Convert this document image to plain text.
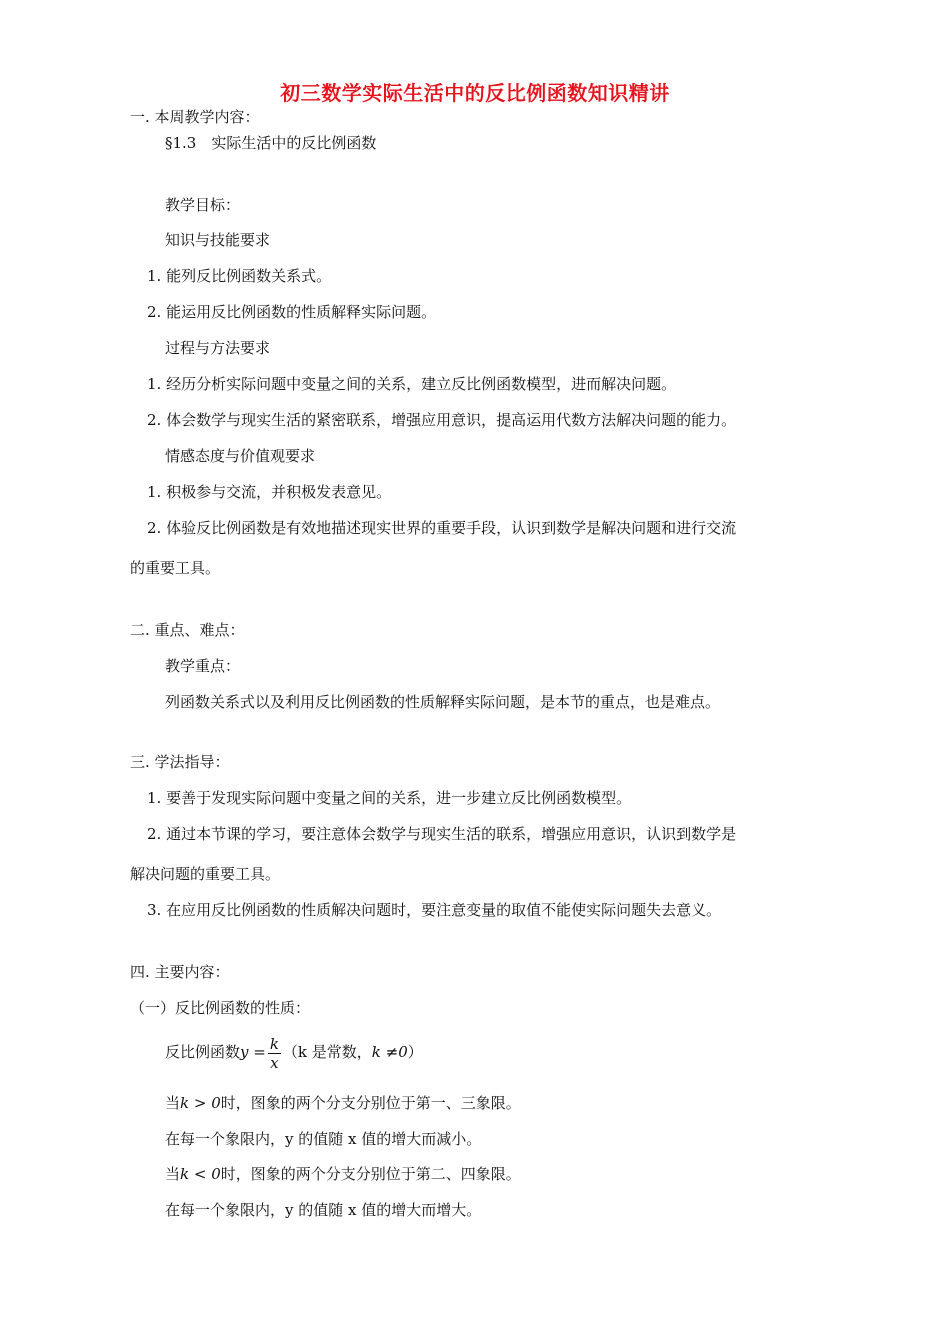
初三数学实际生活中的反比例函数知识精讲
一. 本周教学内容：
§1.3　实际生活中的反比例函数
教学目标：
知识与技能要求
1. 能列反比例函数关系式。
2. 能运用反比例函数的性质解释实际问题。
过程与方法要求
1. 经历分析实际问题中变量之间的关系，建立反比例函数模型，进而解决问题。
2. 体会数学与现实生活的紧密联系，增强应用意识，提高运用代数方法解决问题的能力。
情感态度与价值观要求
1. 积极参与交流，并积极发表意见。
2. 体验反比例函数是有效地描述现实世界的重要手段，认识到数学是解决问题和进行交流
的重要工具。
二. 重点、难点：
教学重点：
列函数关系式以及利用反比例函数的性质解释实际问题，是本节的重点，也是难点。
三. 学法指导：
1. 要善于发现实际问题中变量之间的关系，进一步建立反比例函数模型。
2. 通过本节课的学习，要注意体会数学与现实生活的联系，增强应用意识，认识到数学是
解决问题的重要工具。
3. 在应用反比例函数的性质解决问题时，要注意变量的取值不能使实际问题失去意义。
四. 主要内容：
（一）反比例函数的性质：
反比例函数$y = \frac{k}{x} (k$ 是常数，k ≠0）
当k > 0时，图象的两个分支分别位于第一、三象限。
在每一个象限内，y 的值随 x 值的增大而减小。
当k < 0时，图象的两个分支分别位于第二、四象限。
在每一个象限内，y 的值随 x 值的增大而增大。
